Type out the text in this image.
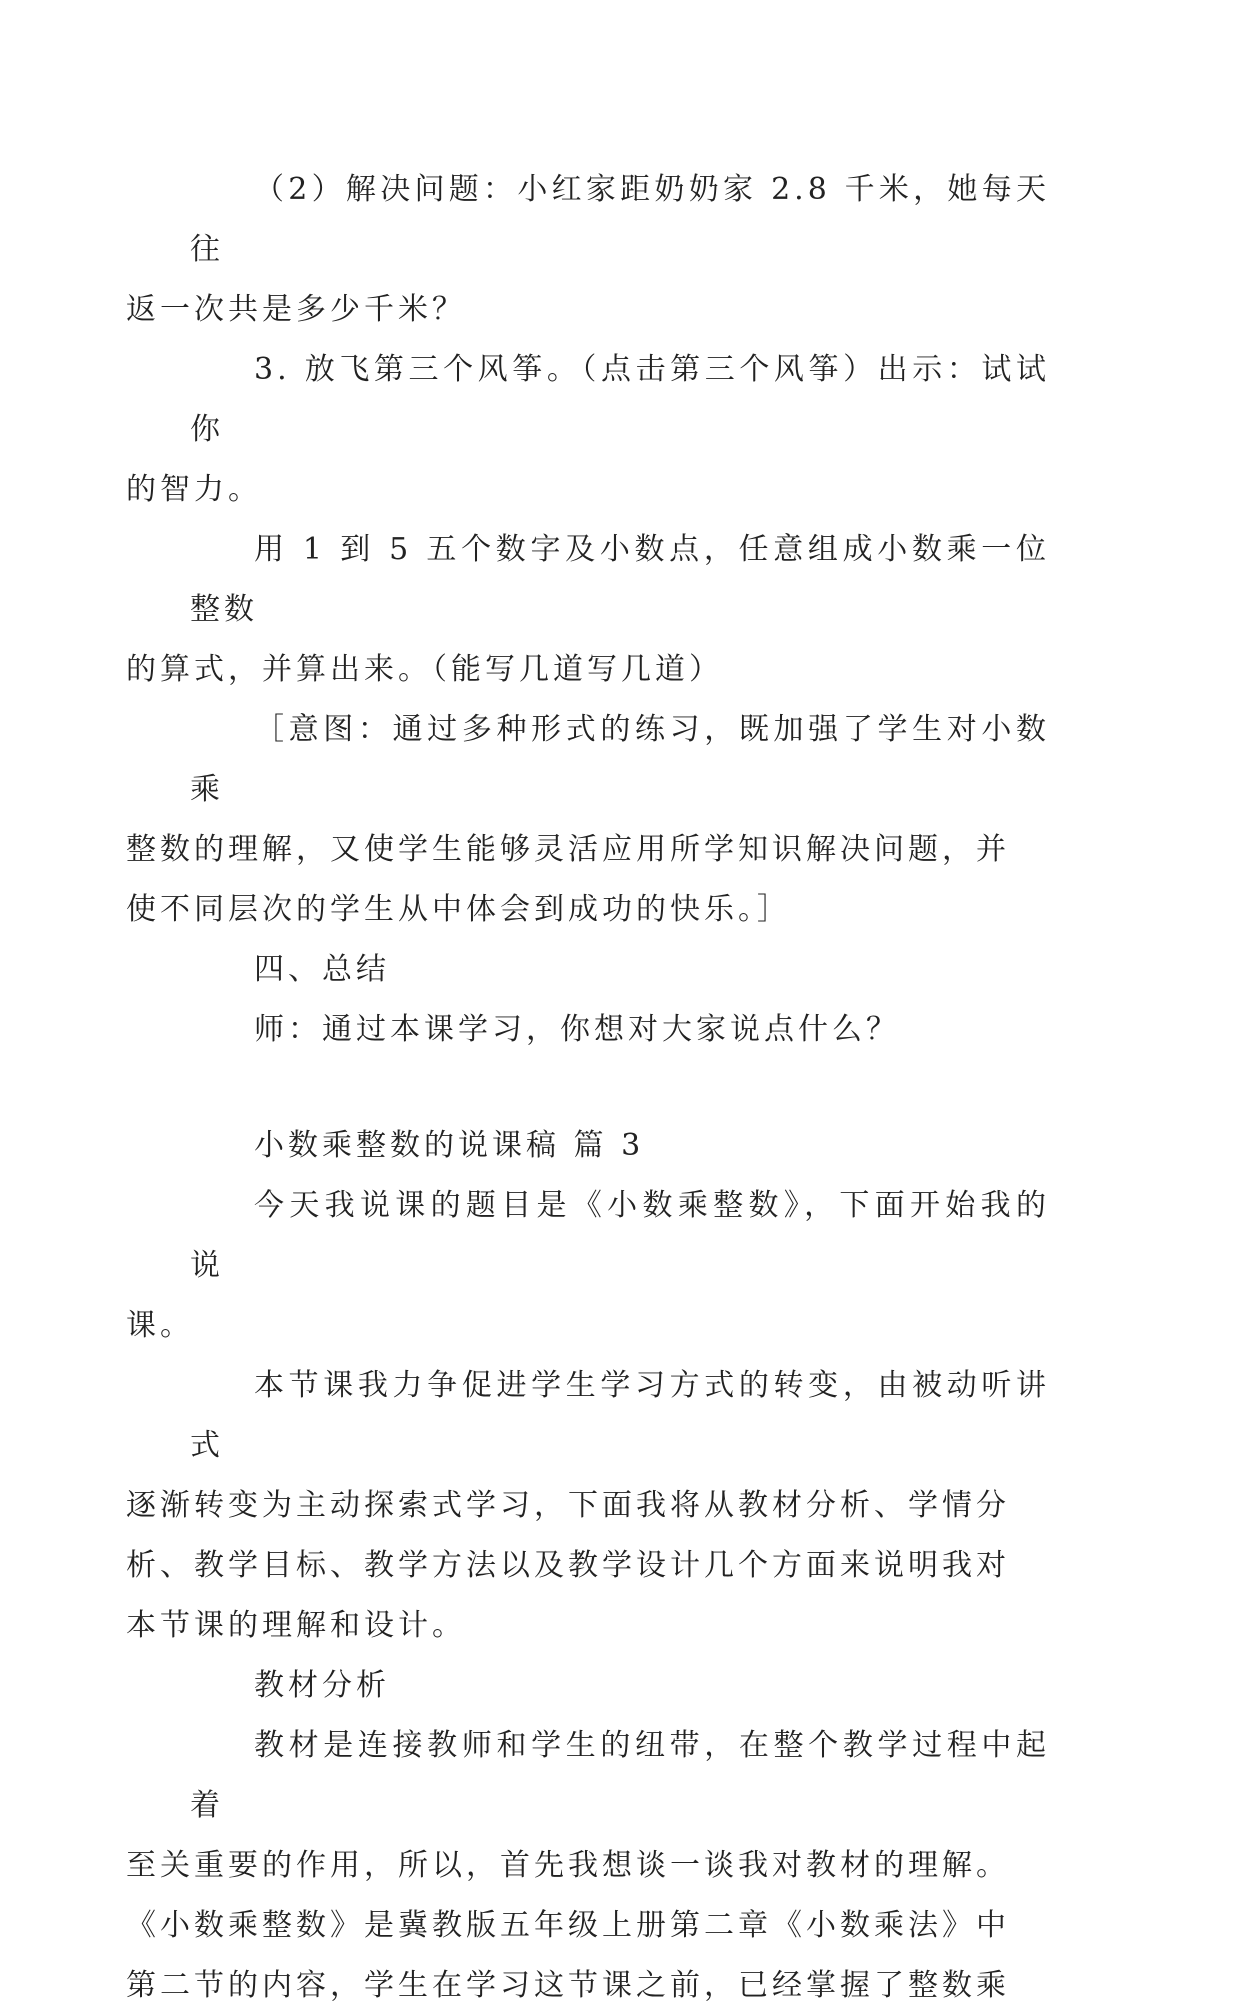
（2）解决问题：小红家距奶奶家 2.8 千米，她每天往
返一次共是多少千米？

3. 放飞第三个风筝。（点击第三个风筝）出示：试试你
的智力。

用 1 到 5 五个数字及小数点，任意组成小数乘一位整数
的算式，并算出来。（能写几道写几道）

［意图：通过多种形式的练习，既加强了学生对小数乘
整数的理解，又使学生能够灵活应用所学知识解决问题，并
使不同层次的学生从中体会到成功的快乐。］

四、总结

师：通过本课学习，你想对大家说点什么？

小数乘整数的说课稿 篇 3

今天我说课的题目是《小数乘整数》，下面开始我的说
课。

本节课我力争促进学生学习方式的转变，由被动听讲式
逐渐转变为主动探索式学习，下面我将从教材分析、学情分
析、教学目标、教学方法以及教学设计几个方面来说明我对
本节课的理解和设计。

教材分析

教材是连接教师和学生的纽带，在整个教学过程中起着
至关重要的作用，所以，首先我想谈一谈我对教材的理解。
《小数乘整数》是冀教版五年级上册第二章《小数乘法》中
第二节的内容，学生在学习这节课之前，已经掌握了整数乘
